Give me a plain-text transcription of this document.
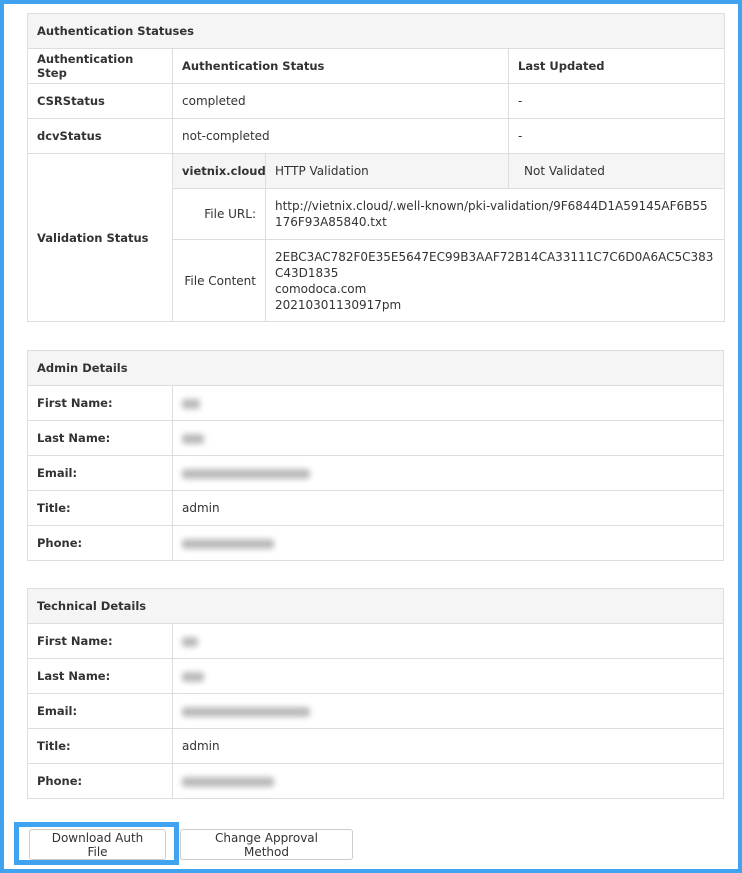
Authentication Statuses			
Authentication Step	Authentication Status		Last Updated
CSRStatus	completed		-
dcvStatus	not-completed		-
Validation Status	vietnix.cloud	HTTP Validation	Not Validated
	File URL:	http://vietnix.cloud/.well-known/pki-validation/9F6844D1A59145AF6B55176F93A85840.txt	
	File Content	2EBC3AC782F0E35E5647EC99B3AAF72B14CA33111C7C6D0A6AC5C383C43D1835
comodoca.com
20210301130917pm	
Admin Details	
First Name:	
Last Name:	
Email:	
Title:	admin
Phone:	
Technical Details	
First Name:	
Last Name:	
Email:	
Title:	admin
Phone:	
Download Auth File
Change Approval Method
